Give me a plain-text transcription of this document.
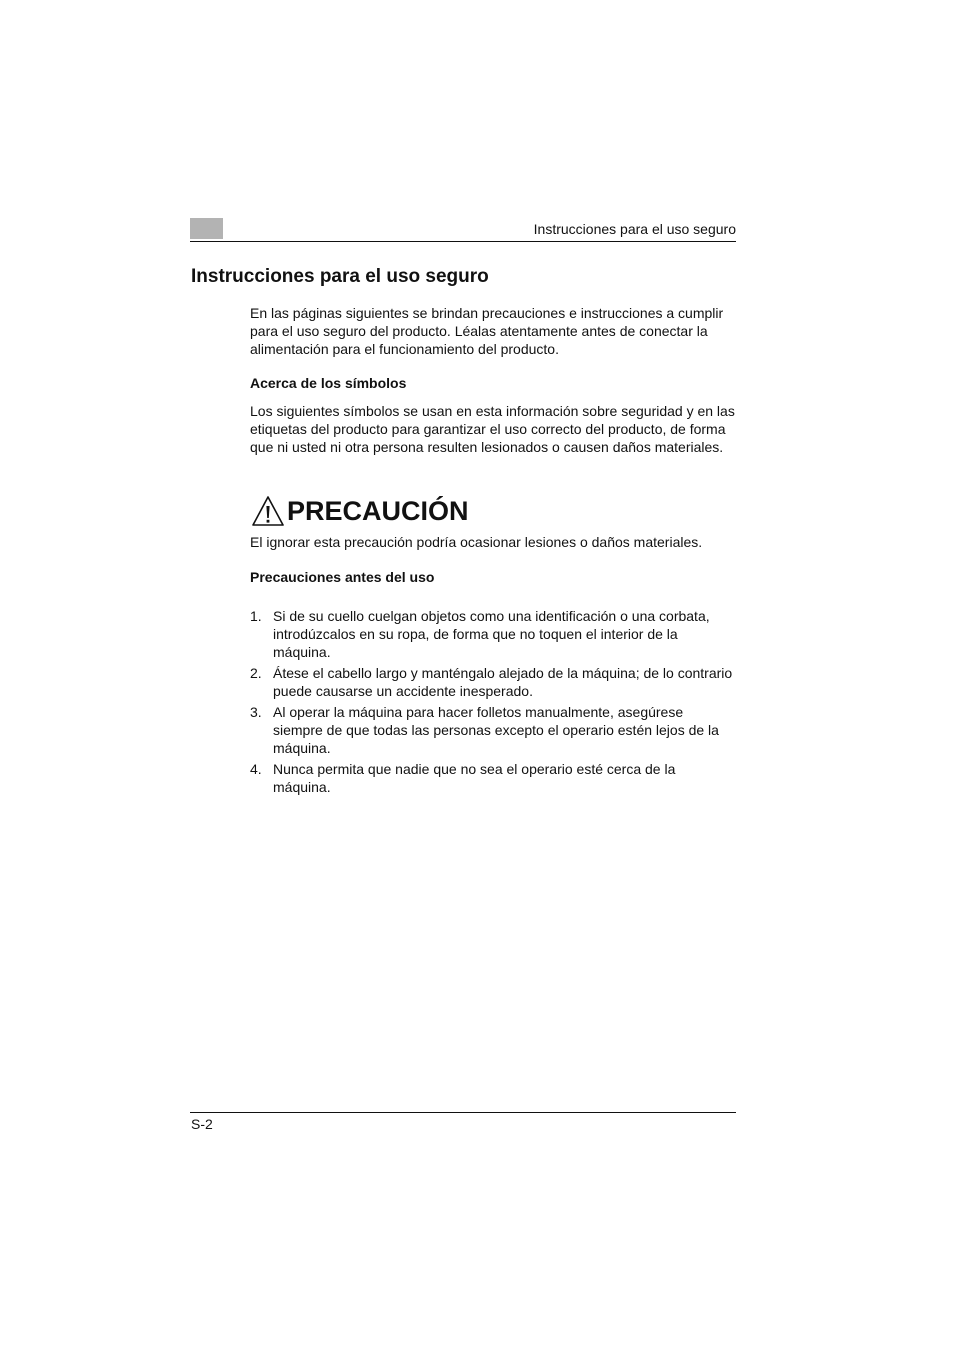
Instrucciones para el uso seguro
Instrucciones para el uso seguro

En las páginas siguientes se brindan precauciones e instrucciones a cumplir para el uso seguro del producto. Léalas atentamente antes de conectar la alimentación para el funcionamiento del producto.

Acerca de los símbolos

Los siguientes símbolos se usan en esta información sobre seguridad y en las etiquetas del producto para garantizar el uso correcto del producto, de forma que ni usted ni otra persona resulten lesionados o causen daños materiales.

PRECAUCIÓN

El ignorar esta precaución podría ocasionar lesiones o daños materiales.

Precauciones antes del uso

1. Si de su cuello cuelgan objetos como una identificación o una corbata, introdúzcalos en su ropa, de forma que no toquen el interior de la máquina.
2. Átese el cabello largo y manténgalo alejado de la máquina; de lo contrario puede causarse un accidente inesperado.
3. Al operar la máquina para hacer folletos manualmente, asegúrese siempre de que todas las personas excepto el operario estén lejos de la máquina.
4. Nunca permita que nadie que no sea el operario esté cerca de la máquina.
S-2
